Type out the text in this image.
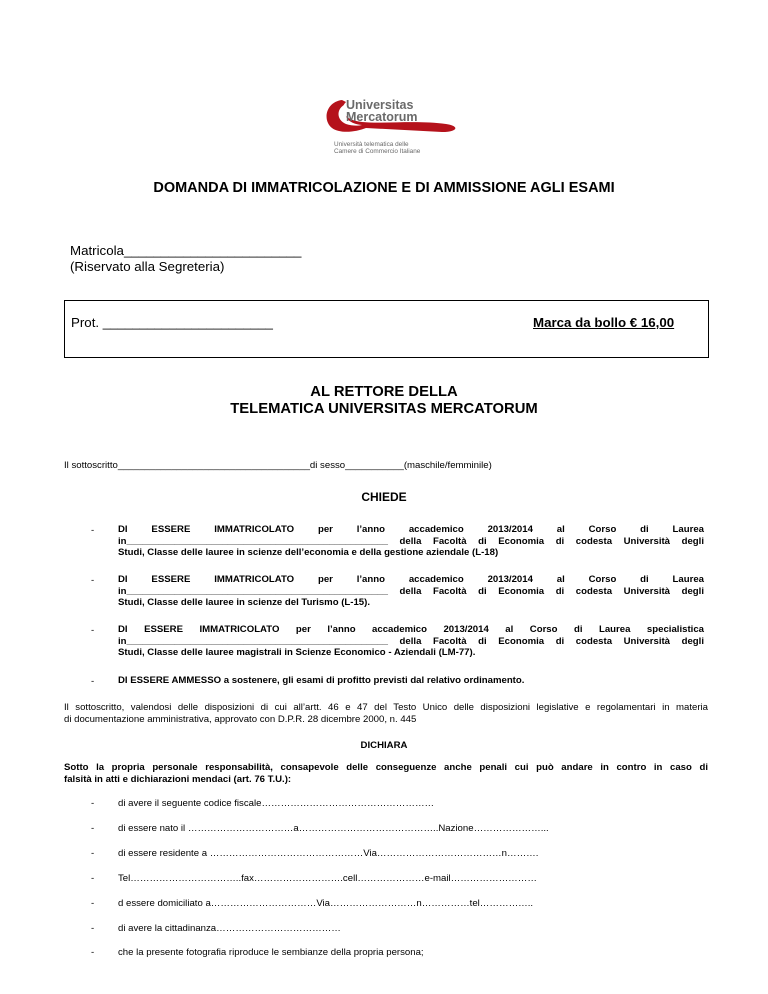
Universitas
Mercatorum
Università telematica delle
Camere di Commercio Italiane
DOMANDA DI IMMATRICOLAZIONE E DI AMMISSIONE AGLI ESAMI
Matricola________________________
(Riservato alla Segreteria)
Prot. _______________________	Marca da bollo € 16,00
AL RETTORE DELLA
TELEMATICA UNIVERSITAS MERCATORUM
Il sottoscritto____________________________________di sesso___________(maschile/femminile)
CHIEDE
- DI ESSERE IMMATRICOLATO per l’anno accademico 2013/2014 al Corso di Laurea
in_________________________________________________ della Facoltà di Economia di codesta Università degli
Studi, Classe delle lauree in scienze dell’economia e della gestione aziendale (L-18)
- DI ESSERE IMMATRICOLATO per l’anno accademico 2013/2014 al Corso di Laurea
in_________________________________________________ della Facoltà di Economia di codesta Università degli
Studi, Classe delle lauree in scienze del Turismo (L-15).
- DI ESSERE IMMATRICOLATO per l’anno accademico 2013/2014 al Corso di Laurea specialistica
in_________________________________________________ della Facoltà di Economia di codesta Università degli
Studi, Classe delle lauree magistrali in Scienze Economico - Aziendali (LM-77).
- DI ESSERE AMMESSO a sostenere, gli esami di profitto previsti dal relativo ordinamento.
Il sottoscritto, valendosi delle disposizioni di cui all’artt. 46 e 47 del Testo Unico delle disposizioni legislative e regolamentari in materia
di documentazione amministrativa, approvato con D.P.R. 28 dicembre 2000, n. 445
DICHIARA
Sotto la propria personale responsabilità, consapevole delle conseguenze anche penali cui può andare in contro in caso di
falsità in atti e dichiarazioni mendaci (art. 76 T.U.):
- di avere il seguente codice fiscale………………………………………………
- di essere nato il ……………………………a……………………………………..Nazione…………………...
- di essere residente a …………………………………………Via…………………………………n……….
- Tel……………………………..fax……………………….cell…………………e-mail………………………
- d essere domiciliato a……………………………Via………………………n……………tel……………..
- di avere la cittadinanza…………………………………
- che la presente fotografia riproduce le sembianze della propria persona;
